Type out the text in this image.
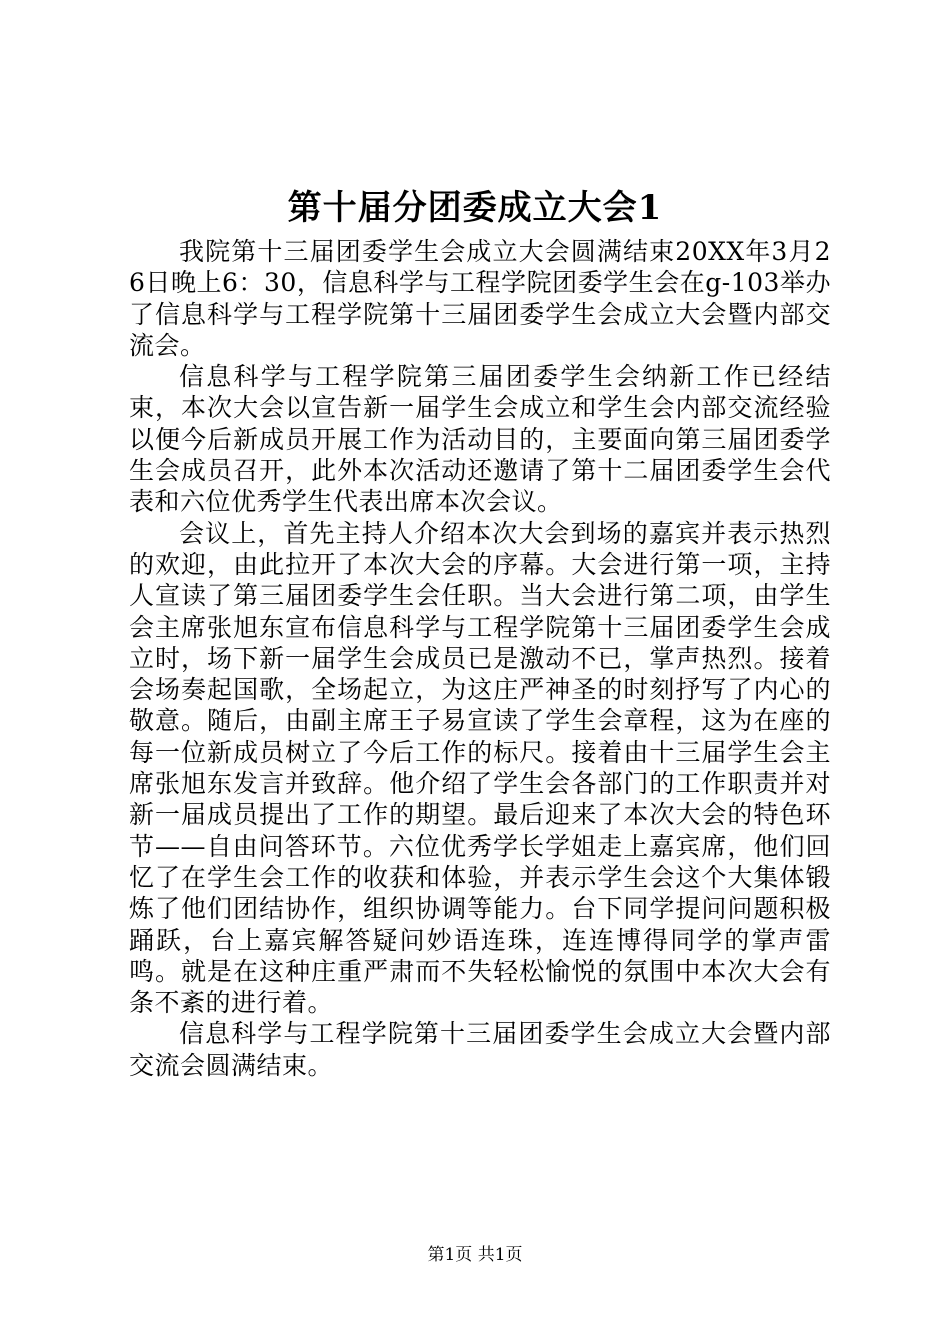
第十届分团委成立大会1

我院第十三届团委学生会成立大会圆满结束20XX年3月26日晚上6：30，信息科学与工程学院团委学生会在g-103举办了信息科学与工程学院第十三届团委学生会成立大会暨内部交流会。

信息科学与工程学院第三届团委学生会纳新工作已经结束，本次大会以宣告新一届学生会成立和学生会内部交流经验以便今后新成员开展工作为活动目的，主要面向第三届团委学生会成员召开，此外本次活动还邀请了第十二届团委学生会代表和六位优秀学生代表出席本次会议。

会议上，首先主持人介绍本次大会到场的嘉宾并表示热烈的欢迎，由此拉开了本次大会的序幕。大会进行第一项，主持人宣读了第三届团委学生会任职。当大会进行第二项，由学生会主席张旭东宣布信息科学与工程学院第十三届团委学生会成立时，场下新一届学生会成员已是激动不已，掌声热烈。接着会场奏起国歌，全场起立，为这庄严神圣的时刻抒写了内心的敬意。随后，由副主席王子易宣读了学生会章程，这为在座的每一位新成员树立了今后工作的标尺。接着由十三届学生会主席张旭东发言并致辞。他介绍了学生会各部门的工作职责并对新一届成员提出了工作的期望。最后迎来了本次大会的特色环节——自由问答环节。六位优秀学长学姐走上嘉宾席，他们回忆了在学生会工作的收获和体验，并表示学生会这个大集体锻炼了他们团结协作，组织协调等能力。台下同学提问问题积极踊跃，台上嘉宾解答疑问妙语连珠，连连博得同学的掌声雷鸣。就是在这种庄重严肃而不失轻松愉悦的氛围中本次大会有条不紊的进行着。

信息科学与工程学院第十三届团委学生会成立大会暨内部交流会圆满结束。

第1页 共1页
